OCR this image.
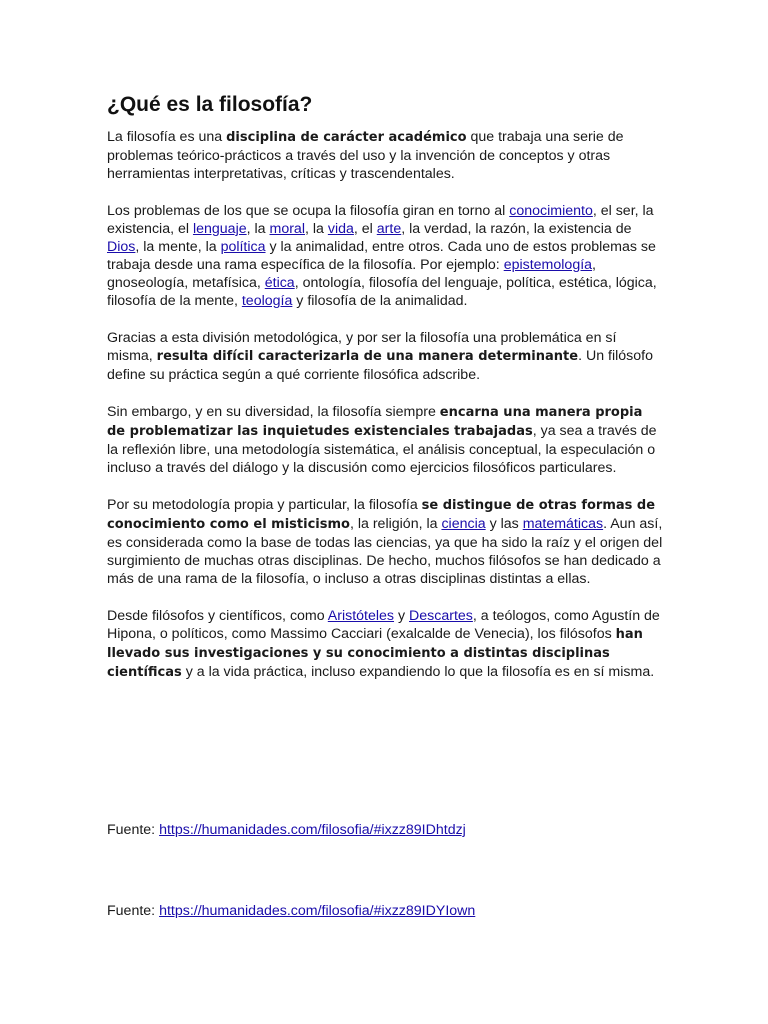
¿Qué es la filosofía?

La filosofía es una disciplina de carácter académico que trabaja una serie de problemas teórico-prácticos a través del uso y la invención de conceptos y otras herramientas interpretativas, críticas y trascendentales.

Los problemas de los que se ocupa la filosofía giran en torno al conocimiento, el ser, la existencia, el lenguaje, la moral, la vida, el arte, la verdad, la razón, la existencia de Dios, la mente, la política y la animalidad, entre otros. Cada uno de estos problemas se trabaja desde una rama específica de la filosofía. Por ejemplo: epistemología, gnoseología, metafísica, ética, ontología, filosofía del lenguaje, política, estética, lógica, filosofía de la mente, teología y filosofía de la animalidad.

Gracias a esta división metodológica, y por ser la filosofía una problemática en sí misma, resulta difícil caracterizarla de una manera determinante. Un filósofo define su práctica según a qué corriente filosófica adscribe.

Sin embargo, y en su diversidad, la filosofía siempre encarna una manera propia de problematizar las inquietudes existenciales trabajadas, ya sea a través de la reflexión libre, una metodología sistemática, el análisis conceptual, la especulación o incluso a través del diálogo y la discusión como ejercicios filosóficos particulares.

Por su metodología propia y particular, la filosofía se distingue de otras formas de conocimiento como el misticismo, la religión, la ciencia y las matemáticas. Aun así, es considerada como la base de todas las ciencias, ya que ha sido la raíz y el origen del surgimiento de muchas otras disciplinas. De hecho, muchos filósofos se han dedicado a más de una rama de la filosofía, o incluso a otras disciplinas distintas a ellas.

Desde filósofos y científicos, como Aristóteles y Descartes, a teólogos, como Agustín de Hipona, o políticos, como Massimo Cacciari (exalcalde de Venecia), los filósofos han llevado sus investigaciones y su conocimiento a distintas disciplinas científicas y a la vida práctica, incluso expandiendo lo que la filosofía es en sí misma.

Fuente: https://humanidades.com/filosofia/#ixzz89IDhtdzj

Fuente: https://humanidades.com/filosofia/#ixzz89IDYIown
